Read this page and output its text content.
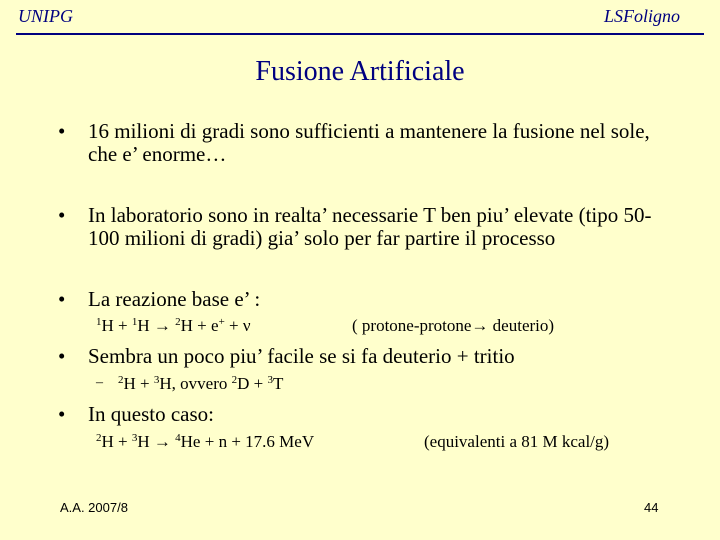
UNIPG	LSFoligno
Fusione Artificiale
• 16 milioni di gradi sono sufficienti a mantenere la fusione nel sole, che e’ enorme…
• In laboratorio sono in realta’ necessarie T ben piu’ elevate (tipo 50- 100 milioni di gradi) gia’ solo per far partire il processo
• La reazione base e’ :
$^1$H + $^1$H → $^2$H + e+ + ν	( protone-protone→ deuterio)
• Sembra un poco piu’ facile se si fa deuterio + tritio
– $^2$H + $^3$H, ovvero $^2$D + $^3$T
• In questo caso:
$^2$H + $^3$H → $^4$He + n + 17.6 MeV	(equivalenti a 81 M kcal/g)
A.A. 2007/8	44
